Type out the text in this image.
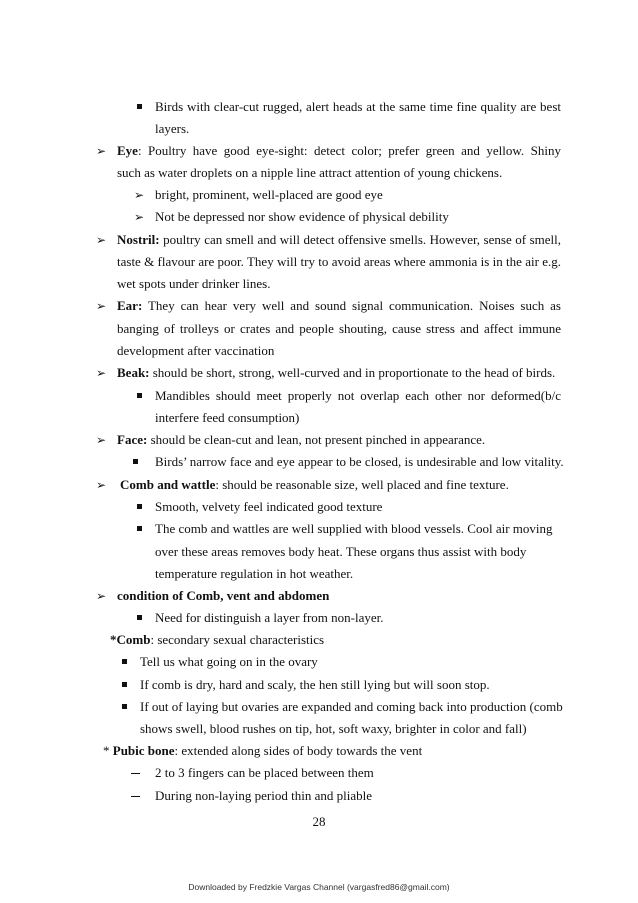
Birds with clear-cut rugged, alert heads at the same time fine quality are best
layers.
➢ Eye: Poultry have good eye-sight: detect color; prefer green and yellow. Shiny
such as water droplets on a nipple line attract attention of young chickens.
➢ bright, prominent, well-placed are good eye
➢ Not be depressed nor show evidence of physical debility
➢ Nostril: poultry can smell and will detect offensive smells. However, sense of smell,
taste & flavour are poor. They will try to avoid areas where ammonia is in the air e.g.
wet spots under drinker lines.
➢ Ear: They can hear very well and sound signal communication. Noises such as
banging of trolleys or crates and people shouting, cause stress and affect immune
development after vaccination
➢ Beak: should be short, strong, well-curved and in proportionate to the head of birds.
Mandibles should meet properly not overlap each other nor deformed(b/c
interfere feed consumption)
➢ Face: should be clean-cut and lean, not present pinched in appearance.
Birds’ narrow face and eye appear to be closed, is undesirable and low vitality.
➢ Comb and wattle: should be reasonable size, well placed and fine texture.
Smooth, velvety feel indicated good texture
The comb and wattles are well supplied with blood vessels. Cool air moving
over these areas removes body heat. These organs thus assist with body
temperature regulation in hot weather.
➢ condition of Comb, vent and abdomen
Need for distinguish a layer from non-layer.
*Comb: secondary sexual characteristics
Tell us what going on in the ovary
If comb is dry, hard and scaly, the hen still lying but will soon stop.
If out of laying but ovaries are expanded and coming back into production (comb
shows swell, blood rushes on tip, hot, soft waxy, brighter in color and fall)
* Pubic bone: extended along sides of body towards the vent
2 to 3 fingers can be placed between them
During non-laying period thin and pliable
28
Downloaded by Fredzkie Vargas Channel (vargasfred86@gmail.com)
